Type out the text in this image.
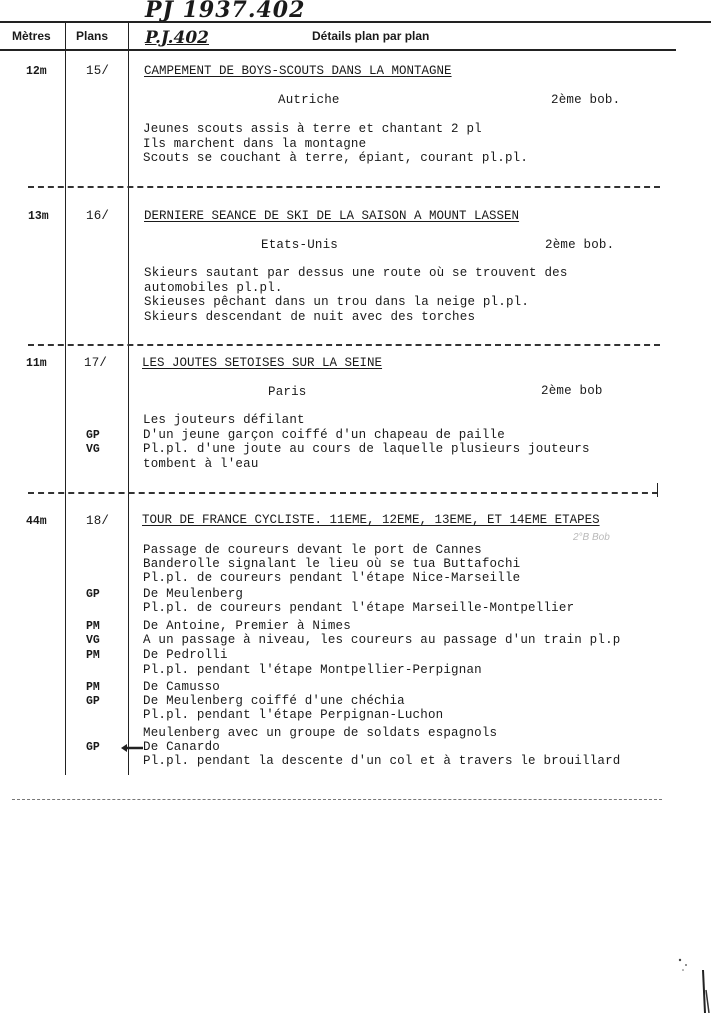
PJ 1937.402
Mètres Plans P.J.402	Détails plan par plan
12m	15/	CAMPEMENT DE BOYS-SCOUTS DANS LA MONTAGNE
Autriche	2ème bob.
Jeunes scouts assis à terre et chantant 2 pl
Ils marchent dans la montagne
Scouts se couchant à terre, épiant, courant pl.pl.
13m	16/	DERNIERE SEANCE DE SKI DE LA SAISON A MOUNT LASSEN
Etats-Unis	2ème bob.
Skieurs sautant par dessus une route où se trouvent des
automobiles pl.pl.
Skieuses pêchant dans un trou dans la neige pl.pl.
Skieurs descendant de nuit avec des torches
11m	17/	LES JOUTES SETOISES SUR LA SEINE
Paris	2ème bob
Les jouteurs défilant
GP	D'un jeune garçon coiffé d'un chapeau de paille
VG	Pl.pl. d'une joute au cours de laquelle plusieurs jouteurs
tombent à l'eau
44m	18/	TOUR DE FRANCE CYCLISTE. 11EME, 12EME, 13EME, ET 14EME ETAPES
2°B Bob
Passage de coureurs devant le port de Cannes
Banderolle signalant le lieu où se tua Buttafochi
Pl.pl. de coureurs pendant l'étape Nice-Marseille
GP	De Meulenberg
Pl.pl. de coureurs pendant l'étape Marseille-Montpellier
PM	De Antoine, Premier à Nimes
VG	A un passage à niveau, les coureurs au passage d'un train pl.p
PM	De Pedrolli
Pl.pl. pendant l'étape Montpellier-Perpignan
PM	De Camusso
GP	De Meulenberg coiffé d'une chéchia
Pl.pl. pendant l'étape Perpignan-Luchon
Meulenberg avec un groupe de soldats espagnols
GP	De Canardo
Pl.pl. pendant la descente d'un col et à travers le brouillard
